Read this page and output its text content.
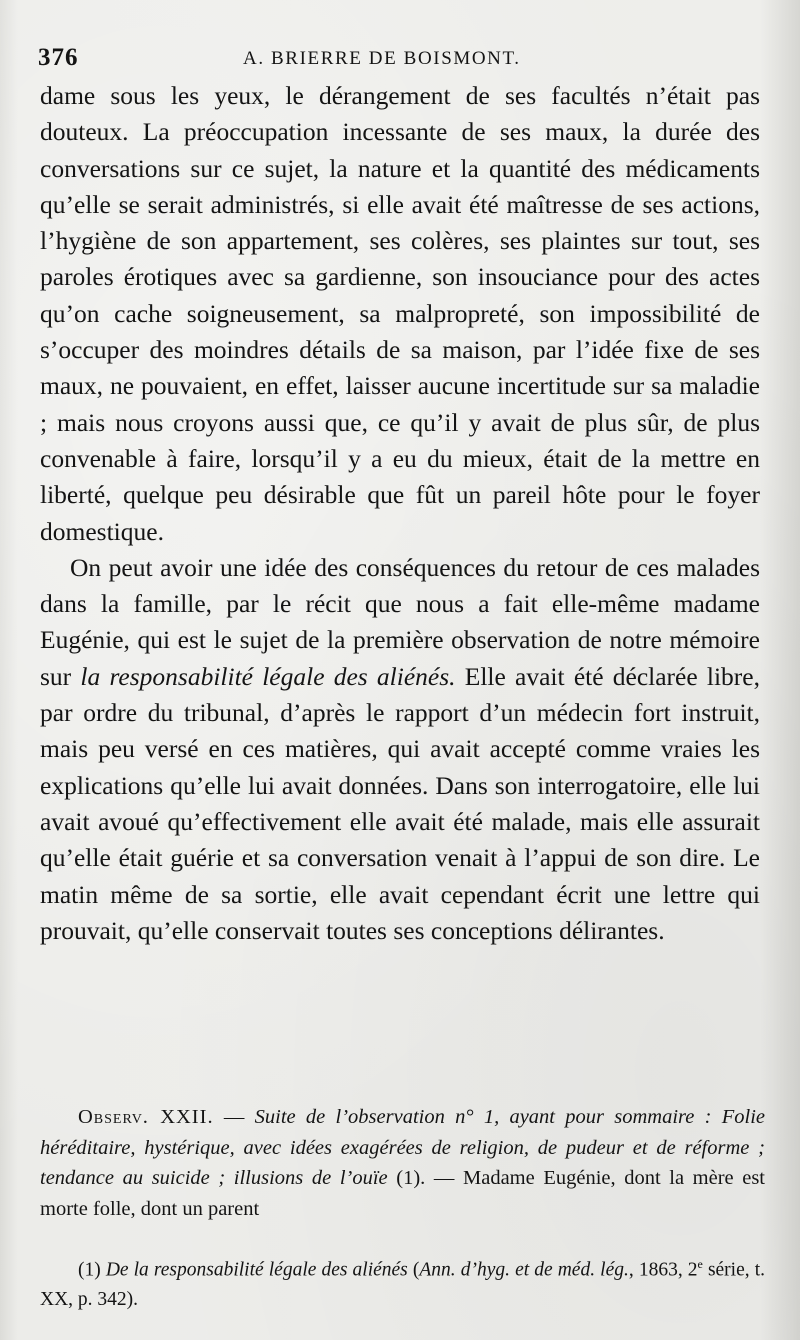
376	A. BRIERRE DE BOISMONT.

dame sous les yeux, le dérangement de ses facultés n’était pas douteux. La préoccupation incessante de ses maux, la durée des conversations sur ce sujet, la nature et la quantité des médicaments qu’elle se serait administrés, si elle avait été maîtresse de ses actions, l’hygiène de son appartement, ses colères, ses plaintes sur tout, ses paroles érotiques avec sa gardienne, son insouciance pour des actes qu’on cache soigneusement, sa malpropreté, son impossibilité de s’occuper des moindres détails de sa maison, par l’idée fixe de ses maux, ne pouvaient, en effet, laisser aucune incertitude sur sa maladie ; mais nous croyons aussi que, ce qu’il y avait de plus sûr, de plus convenable à faire, lorsqu’il y a eu du mieux, était de la mettre en liberté, quelque peu désirable que fût un pareil hôte pour le foyer domestique.

On peut avoir une idée des conséquences du retour de ces malades dans la famille, par le récit que nous a fait elle-même madame Eugénie, qui est le sujet de la première observation de notre mémoire sur la responsabilité légale des aliénés. Elle avait été déclarée libre, par ordre du tribunal, d’après le rapport d’un médecin fort instruit, mais peu versé en ces matières, qui avait accepté comme vraies les explications qu’elle lui avait données. Dans son interrogatoire, elle lui avait avoué qu’effectivement elle avait été malade, mais elle assurait qu’elle était guérie et sa conversation venait à l’appui de son dire. Le matin même de sa sortie, elle avait cependant écrit une lettre qui prouvait, qu’elle conservait toutes ses conceptions délirantes.

Observ. XXII. — Suite de l’observation n° 1, ayant pour sommaire : Folie héréditaire, hystérique, avec idées exagérées de religion, de pudeur et de réforme ; tendance au suicide ; illusions de l’ouïe (1). — Madame Eugénie, dont la mère est morte folle, dont un parent

(1) De la responsabilité légale des aliénés (Ann. d’hyg. et de méd. lég., 1863, 2e série, t. XX, p. 342).
